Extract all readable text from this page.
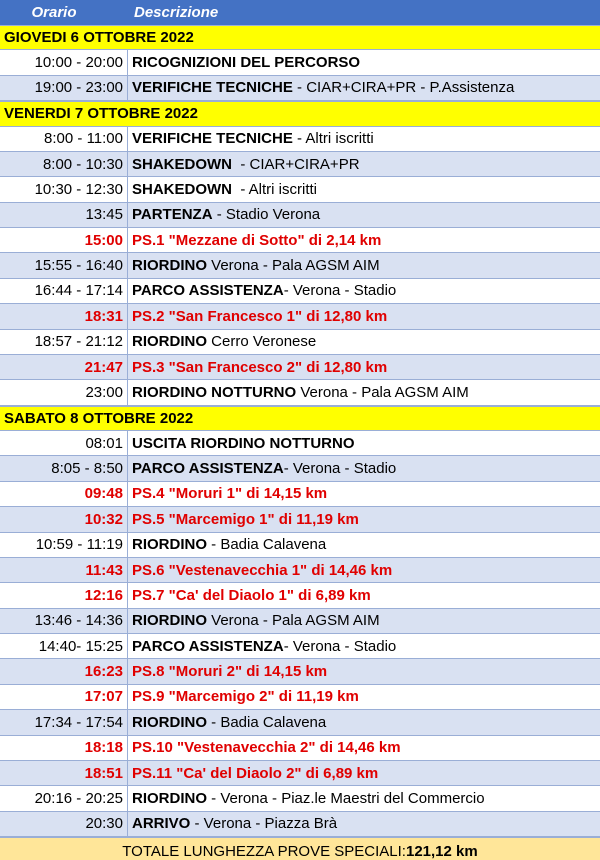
Orario	Descrizione
GIOVEDI 6 OTTOBRE 2022
10:00 - 20:00 RICOGNIZIONI DEL PERCORSO
19:00 - 23:00 VERIFICHE TECNICHE - CIAR+CIRA+PR - P.Assistenza
VENERDI 7 OTTOBRE 2022
8:00 - 11:00 VERIFICHE TECNICHE - Altri iscritti
8:00 - 10:30 SHAKEDOWN - CIAR+CIRA+PR
10:30 - 12:30 SHAKEDOWN - Altri iscritti
13:45 PARTENZA - Stadio Verona
15:00 PS.1 "Mezzane di Sotto" di 2,14 km
15:55 - 16:40 RIORDINO Verona - Pala AGSM AIM
16:44 - 17:14 PARCO ASSISTENZA - Verona - Stadio
18:31 PS.2 "San Francesco 1" di 12,80 km
18:57 - 21:12 RIORDINO Cerro Veronese
21:47 PS.3 "San Francesco 2" di 12,80 km
23:00 RIORDINO NOTTURNO Verona - Pala AGSM AIM
SABATO 8 OTTOBRE 2022
08:01 USCITA RIORDINO NOTTURNO
8:05 - 8:50 PARCO ASSISTENZA - Verona - Stadio
09:48 PS.4 "Moruri 1" di 14,15 km
10:32 PS.5 "Marcemigo 1" di 11,19 km
10:59 - 11:19 RIORDINO - Badia Calavena
11:43 PS.6 "Vestenavecchia 1" di 14,46 km
12:16 PS.7 "Ca' del Diaolo 1" di 6,89 km
13:46 - 14:36 RIORDINO Verona - Pala AGSM AIM
14:40- 15:25 PARCO ASSISTENZA - Verona - Stadio
16:23 PS.8 "Moruri 2" di 14,15 km
17:07 PS.9 "Marcemigo 2" di 11,19 km
17:34 - 17:54 RIORDINO - Badia Calavena
18:18 PS.10 "Vestenavecchia 2" di 14,46 km
18:51 PS.11 "Ca' del Diaolo 2" di 6,89 km
20:16 - 20:25 RIORDINO - Verona - Piaz.le Maestri del Commercio
20:30 ARRIVO - Verona - Piazza Brà
TOTALE LUNGHEZZA PROVE SPECIALI: 121,12 km
